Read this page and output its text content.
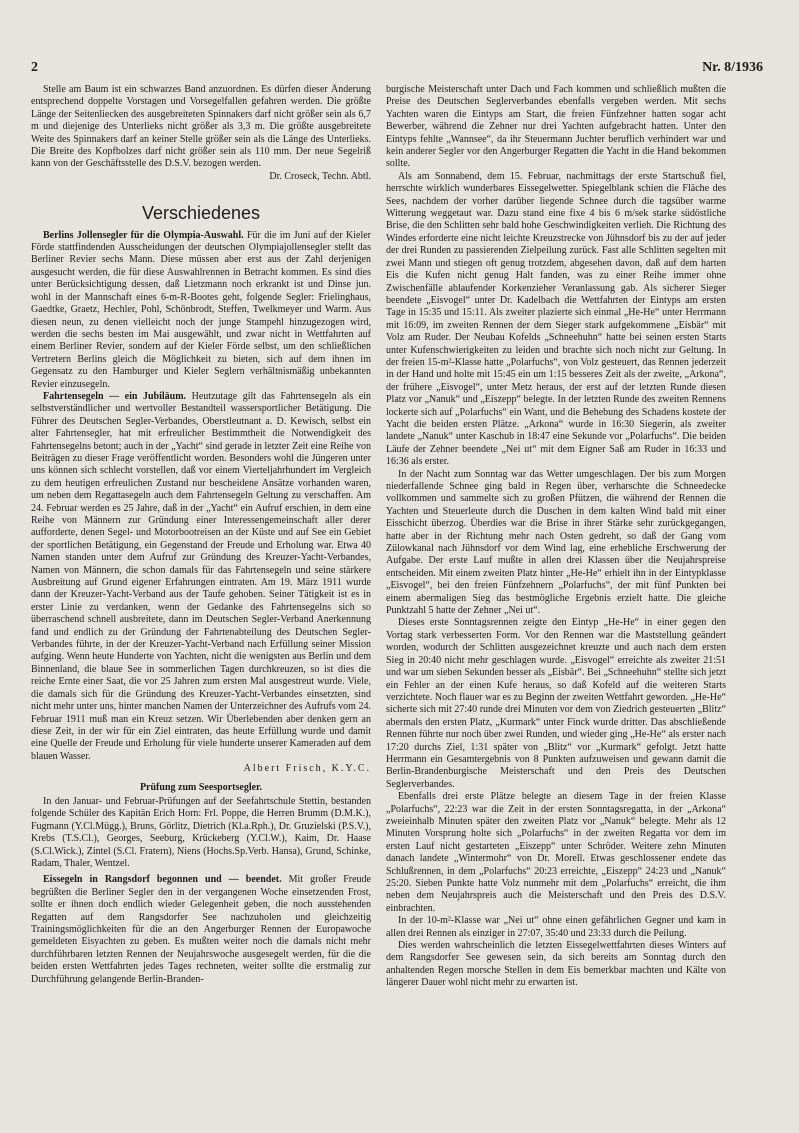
2	Nr. 8/1936

Stelle am Baum ist ein schwarzes Band anzuordnen. Es dürfen dieser Änderung entsprechend doppelte Vorstagen und Vorsegelfallen gefahren werden. Die größte Länge der Seitenliecken des ausgebreiteten Spinnakers darf nicht größer sein als 6,7 m und diejenige des Unterlieks nicht größer als 3,3 m. Die größte ausgebreitete Weite des Spinnakers darf an keiner Stelle größer sein als die Länge des Unterlieks. Die Breite des Kopfbolzes darf nicht größer sein als 110 mm. Der neue Segelriß kann von der Geschäftsstelle des D.S.V. bezogen werden.

Dr. Croseck, Techn. Abtl.

Verschiedenes

Berlins Jollensegler für die Olympia-Auswahl. Für die im Juni auf der Kieler Förde stattfindenden Ausscheidungen der deutschen Olympiajollensegler stellt das Berliner Revier sechs Mann. Diese müssen aber erst aus der Zahl derjenigen ausgesucht werden, die für diese Auswahlrennen in Betracht kommen. Es sind dies unter Berücksichtigung dessen, daß Lietzmann noch erkrankt ist und Dinse jun. wohl in der Mannschaft eines 6-m-R-Bootes geht, folgende Segler: Frielinghaus, Gaedtke, Graetz, Hechler, Pohl, Schönbrodt, Steffen, Twelkmeyer und Warm. Aus diesen neun, zu denen vielleicht noch der junge Stampehl hinzugezogen wird, werden die sechs besten im Mai ausgewählt, und zwar nicht in Wettfahrten auf einem Berliner Revier, sondern auf der Kieler Förde selbst, um den schließlichen Vertretern Berlins gleich die Möglichkeit zu bieten, sich auf dem ihnen im Gegensatz zu den Hamburger und Kieler Seglern verhältnismäßig unbekannten Revier einzusegeln.

Fahrtensegeln — ein Jubiläum. Heutzutage gilt das Fahrtensegeln als ein selbstverständlicher und wertvoller Bestandteil wassersportlicher Betätigung. Die Führer des Deutschen Segler-Verbandes, Oberstleutnant a. D. Kewisch, selbst ein alter Fahrtensegler, hat mit erfreulicher Bestimmtheit die Notwendigkeit des Fahrtensegelns betont; auch in der „Yacht“ sind gerade in letzter Zeit eine Reihe von Beiträgen zu dieser Frage veröffentlicht worden. Besonders wohl die Jüngeren unter uns können sich schlecht vorstellen, daß vor einem Vierteljahrhundert im Vergleich zu dem heutigen erfreulichen Zustand nur bescheidene Ansätze vorhanden waren, um neben dem Regattasegeln auch dem Fahrtensegeln Geltung zu verschaffen. Am 24. Februar werden es 25 Jahre, daß in der „Yacht“ ein Aufruf erschien, in dem eine Reihe von Männern zur Gründung einer Interessengemeinschaft aller derer aufforderte, denen Segel- und Motorbootreisen an der Küste und auf See ein Gebiet der sportlichen Betätigung, ein Gegenstand der Freude und Erholung war. Etwa 40 Namen standen unter dem Aufruf zur Gründung des Kreuzer-Yacht-Verbandes, Namen von Männern, die schon damals für das Fahrtensegeln und seine stärkere Ausbreitung auf Grund eigener Erfahrungen eintraten. Am 19. März 1911 wurde dann der Kreuzer-Yacht-Verband aus der Taufe gehoben. Seiner Tätigkeit ist es in erster Linie zu verdanken, wenn der Gedanke des Fahrtensegelns sich so überraschend schnell ausbreitete, dann im Deutschen Segler-Verband Anerkennung fand und endlich zu der Gründung der Fahrtenabteilung des Deutschen Segler-Verbandes führte, in der der Kreuzer-Yacht-Verband nach Erfüllung seiner Mission aufging. Wenn heute Hunderte von Yachten, nicht die wenigsten aus Berlin und dem Binnenland, die blaue See in sommerlichen Tagen durchkreuzen, so ist dies die reiche Ernte einer Saat, die vor 25 Jahren zum ersten Mal ausgestreut wurde. Viele, die damals sich für die Gründung des Kreuzer-Yacht-Verbandes einsetzten, sind nicht mehr unter uns, hinter manchen Namen der Unterzeichner des Aufrufs vom 24. Februar 1911 muß man ein Kreuz setzen. Wir Überlebenden aber denken gern an diese Zeit, in der wir für ein Ziel eintraten, das heute Erfüllung wurde und damit eine Quelle der Freude und Erholung für viele hunderte unserer Kameraden auf dem blauen Wasser.

Albert Frisch, K.Y.C.

Prüfung zum Seesportsegler.

In den Januar- und Februar-Prüfungen auf der Seefahrtschule Stettin, bestanden folgende Schüler des Kapitän Erich Horn: Frl. Poppe, die Herren Brumm (D.M.K.), Fugmann (Y.Cl.Mügg.), Bruns, Görlitz, Dietrich (Kl.a.Rph.), Dr. Gruzielski (P.S.V.), Krebs (T.S.Cl.), Georges, Seeburg, Krückeberg (Y.Cl.W.), Kaim, Dr. Haase (S.Cl.Wick.), Zintel (S.Cl. Fratern), Niens (Hochs.Sp.Verb. Hansa), Grund, Schinke, Radam, Thaler, Wentzel.

Eissegeln in Rangsdorf begonnen und — beendet. Mit großer Freude begrüßten die Berliner Segler den in der vergangenen Woche einsetzenden Frost, sollte er ihnen doch endlich wieder Gelegenheit geben, die noch ausstehenden Regatten auf dem Rangsdorfer See nachzuholen und gleichzeitig Trainingsmöglichkeiten für die an den Angerburger Rennen der Europawoche gemeldeten Eisyachten zu geben. Es mußten weiter noch die damals nicht mehr durchführbaren letzten Rennen der Neujahrswoche ausgesegelt werden, für die die beiden ersten Wettfahrten jedes Tages rechneten, weiter sollte die erstmalig zur Durchführung gelangende Berlin-Branden-

burgische Meisterschaft unter Dach und Fach kommen und schließlich mußten die Preise des Deutschen Seglerverbandes ebenfalls vergeben werden. Mit sechs Yachten waren die Eintyps am Start, die freien Fünfzehner hatten sogar acht Bewerber, während die Zehner nur drei Yachten aufgebracht hatten. Unter den Eintyps fehlte „Wannsee“, da ihr Steuermann Juchter beruflich verhindert war und kein anderer Segler vor den Angerburger Regatten die Yacht in die Hand bekommen sollte.

Als am Sonnabend, dem 15. Februar, nachmittags der erste Startschuß fiel, herrschte wirklich wunderbares Eissegelwetter. Spiegelblank schien die Fläche des Sees, nachdem der vorher darüber liegende Schnee durch die tagsüber warme Witterung weggetaut war. Dazu stand eine fixe 4 bis 6 m/sek starke südöstliche Brise, die den Schlitten sehr bald hohe Geschwindigkeiten verlieh. Die Richtung des Windes erforderte eine nicht leichte Kreuzstrecke von Jühnsdorf bis zu der auf jeder der drei Runden zu passierenden Zielpeilung zurück. Fast alle Schlitten segelten mit zwei Mann und stiegen oft genug trotzdem, abgesehen davon, daß auf dem harten Eis die Kufen nicht genug Halt fanden, was zu einer Reihe immer ohne Zwischenfälle ablaufender Korkenzieher Veranlassung gab. Als sicherer Sieger beendete „Eisvogel“ unter Dr. Kadelbach die Wettfahrten der Eintyps am ersten Tage in 15:35 und 15:11. Als zweiter plazierte sich einmal „He-He“ unter Herrmann mit 16:09, im zweiten Rennen der dem Sieger stark aufgekommene „Eisbär“ mit Volz am Ruder. Der Neubau Kofelds „Schneehuhn“ hatte bei seinen ersten Starts unter Kufenschwierigkeiten zu leiden und brachte sich noch nicht zur Geltung. In der freien 15-m²-Klasse hatte „Polarfuchs“, von Volz gesteuert, das Rennen jederzeit in der Hand und holte mit 15:45 ein um 1:15 besseres Zeit als der zweite, „Arkona“, der frühere „Eisvogel“, unter Metz heraus, der erst auf der letzten Runde diesen Platz vor „Nanuk“ und „Eiszepp“ belegte. In der letzten Runde des zweiten Rennens lockerte sich auf „Polarfuchs“ ein Want, und die Behebung des Schadens kostete der Yacht die beiden ersten Plätze. „Arkona“ wurde in 16:30 Siegerin, als zweiter landete „Nanuk“ unter Kaschub in 18:47 eine Sekunde vor „Polarfuchs“. Die beiden Läufe der Zehner beendete „Nei ut“ mit dem Eigner Saß am Ruder in 16:33 und 16:36 als erster.

In der Nacht zum Sonntag war das Wetter umgeschlagen. Der bis zum Morgen niederfallende Schnee ging bald in Regen über, verharschte die Schneedecke vollkommen und sammelte sich zu großen Pfützen, die während der Rennen die Yachten und Steuerleute durch die Duschen in dem kalten Wind bald mit einer Eisschicht überzog. Überdies war die Brise in ihrer Stärke sehr zurückgegangen, hatte aber in der Richtung mehr nach Osten gedreht, so daß der Gang vom Zülowkanal nach Jühnsdorf vor dem Wind lag, eine erhebliche Erschwerung der Aufgabe. Der erste Lauf mußte in allen drei Klassen über die Neujahrspreise entscheiden. Mit einem zweiten Platz hinter „He-He“ erhielt ihn in der Eintypklasse „Eisvogel“, bei den freien Fünfzehnern „Polarfuchs“, der mit fünf Punkten bei einem abermaligen Sieg das bestmögliche Ergebnis erzielt hatte. Die gleiche Punktzahl 5 hatte der Zehner „Nei ut“.

Dieses erste Sonntagsrennen zeigte den Eintyp „He-He“ in einer gegen den Vortag stark verbesserten Form. Vor den Rennen war die Maststellung geändert worden, wodurch der Schlitten ausgezeichnet kreuzte und auch nach dem ersten Sieg in 20:40 nicht mehr geschlagen wurde. „Eisvogel“ erreichte als zweiter 21:51 und war um sieben Sekunden besser als „Eisbär“. Bei „Schneehuhn“ stellte sich jetzt ein Fehler an der einen Kufe heraus, so daß Kofeld auf die weiteren Starts verzichtete. Noch flauer war es zu Beginn der zweiten Wettfahrt geworden. „He-He“ sicherte sich mit 27:40 runde drei Minuten vor dem von Ziedrich gesteuerten „Blitz“ abermals den ersten Platz, „Kurmark“ unter Finck wurde dritter. Das abschließende Rennen führte nur noch über zwei Runden, und wieder ging „He-He“ als erster nach 17:20 durchs Ziel, 1:31 später von „Blitz“ vor „Kurmark“ gefolgt. Jetzt hatte Herrmann ein Gesamtergebnis von 8 Punkten aufzuweisen und gewann damit die Berlin-Brandenburgische Meisterschaft und den Preis des Deutschen Seglerverbandes.

Ebenfalls drei erste Plätze belegte an diesem Tage in der freien Klasse „Polarfuchs“, 22:23 war die Zeit in der ersten Sonntagsregatta, in der „Arkona“ zweieinhalb Minuten später den zweiten Platz vor „Nanuk“ belegte. Mehr als 12 Minuten Vorsprung holte sich „Polarfuchs“ in der zweiten Regatta vor dem im ersten Lauf nicht gestarteten „Eiszepp“ unter Schröder. Weitere zehn Minuten danach landete „Wintermohr“ von Dr. Morell. Etwas geschlossener endete das Schlußrennen, in dem „Polarfuchs“ 20:23 erreichte, „Eiszepp“ 24:23 und „Nanuk“ 25:20. Sieben Punkte hatte Volz nunmehr mit dem „Polarfuchs“ erreicht, die ihm neben dem Neujahrspreis auch die Meisterschaft und den Preis des D.S.V. einbrachten.

In der 10-m²-Klasse war „Nei ut“ ohne einen gefährlichen Gegner und kam in allen drei Rennen als einziger in 27:07, 35:40 und 23:33 durch die Peilung.

Dies werden wahrscheinlich die letzten Eissegelwettfahrten dieses Winters auf dem Rangsdorfer See gewesen sein, da sich bereits am Sonntag durch den anhaltenden Regen morsche Stellen in dem Eis bemerkbar machten und Kälte von längerer Dauer wohl nicht mehr zu erwarten ist.
